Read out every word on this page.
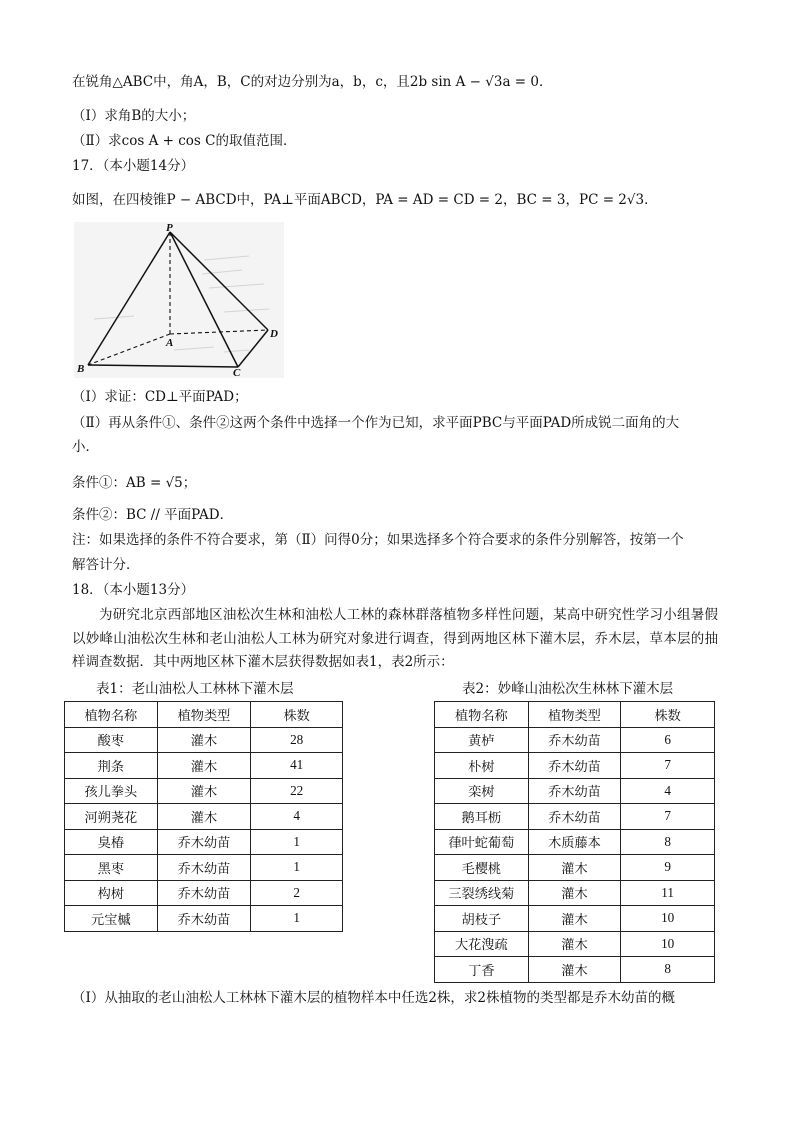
在锐角△ABC中，角A，B，C的对边分别为a，b，c，且2b sin A − √3a = 0．
（Ⅰ）求角B的大小；
（Ⅱ）求cos A + cos C的取值范围．
17．（本小题14分）
如图，在四棱锥P − ABCD中，PA⊥平面ABCD，PA = AD = CD = 2，BC = 3，PC = 2√3．
P
A
B	C
D
（Ⅰ）求证：CD⊥平面PAD；
（Ⅱ）再从条件①、条件②这两个条件中选择一个作为已知，求平面PBC与平面PAD所成锐二面角的大
小．
条件①：AB = √5；
条件②：BC // 平面PAD．
注：如果选择的条件不符合要求，第（Ⅱ）问得0分；如果选择多个符合要求的条件分别解答，按第一个
解答计分．
18．（本小题13分）
为研究北京西部地区油松次生林和油松人工林的森林群落植物多样性问题，某高中研究性学习小组暑假以妙峰山油松次生林和老山油松人工林为研究对象进行调查，得到两地区林下灌木层，乔木层，草本层的抽样调查数据．其中两地区林下灌木层获得数据如表1，表2所示：
表1：老山油松人工林林下灌木层	表2：妙峰山油松次生林林下灌木层
植物名称	植物类型	株数
酸枣	灌木	28
荆条	灌木	41
孩儿拳头	灌木	22
河朔荛花	灌木	4
臭椿	乔木幼苗	1
黑枣	乔木幼苗	1
构树	乔木幼苗	2
元宝槭	乔木幼苗	1
植物名称	植物类型	株数
黄栌	乔木幼苗	6
朴树	乔木幼苗	7
栾树	乔木幼苗	4
鹅耳枥	乔木幼苗	7
葎叶蛇葡萄	木质藤本	8
毛樱桃	灌木	9
三裂绣线菊	灌木	11
胡枝子	灌木	10
大花溲疏	灌木	10
丁香	灌木	8
（Ⅰ）从抽取的老山油松人工林林下灌木层的植物样本中任选2株，求2株植物的类型都是乔木幼苗的概
